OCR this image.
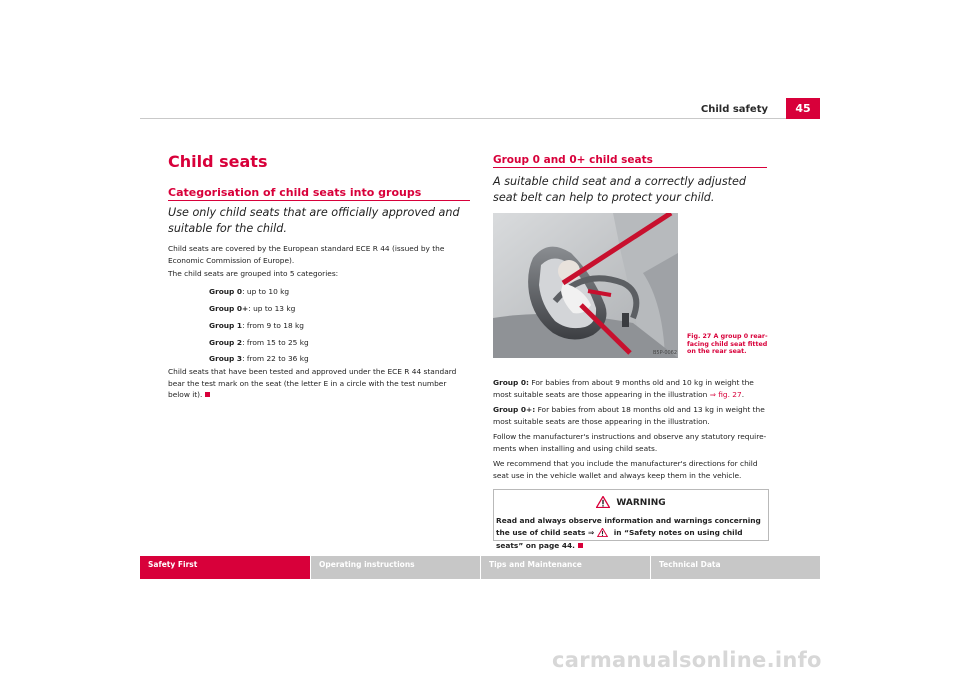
Child safety	45
Child seats
Categorisation of child seats into groups
Use only child seats that are officially approved and suitable for the child.
Child seats are covered by the European standard ECE R 44 (issued by the Economic Commission of Europe).
The child seats are grouped into 5 categories:
Group 0: up to 10 kg
Group 0+: up to 13 kg
Group 1: from 9 to 18 kg
Group 2: from 15 to 25 kg
Group 3: from 22 to 36 kg
Child seats that have been tested and approved under the ECE R 44 standard bear the test mark on the seat (the letter E in a circle with the test number below it).
Group 0 and 0+ child seats
A suitable child seat and a correctly adjusted seat belt can help to protect your child.
B5P-0062
Fig. 27 A group 0 rear-facing child seat fitted on the rear seat.
Group 0: For babies from about 9 months old and 10 kg in weight the most suitable seats are those appearing in the illustration ⇒ fig. 27.
Group 0+: For babies from about 18 months old and 13 kg in weight the most suitable seats are those appearing in the illustration.
Follow the manufacturer's instructions and observe any statutory require-ments when installing and using child seats.
We recommend that you include the manufacturer's directions for child seat use in the vehicle wallet and always keep them in the vehicle.
WARNING
Read and always observe information and warnings concerning the use of child seats ⇒ in “Safety notes on using child seats” on page 44.
Safety First	Operating instructions	Tips and Maintenance	Technical Data
carmanualsonline.info
